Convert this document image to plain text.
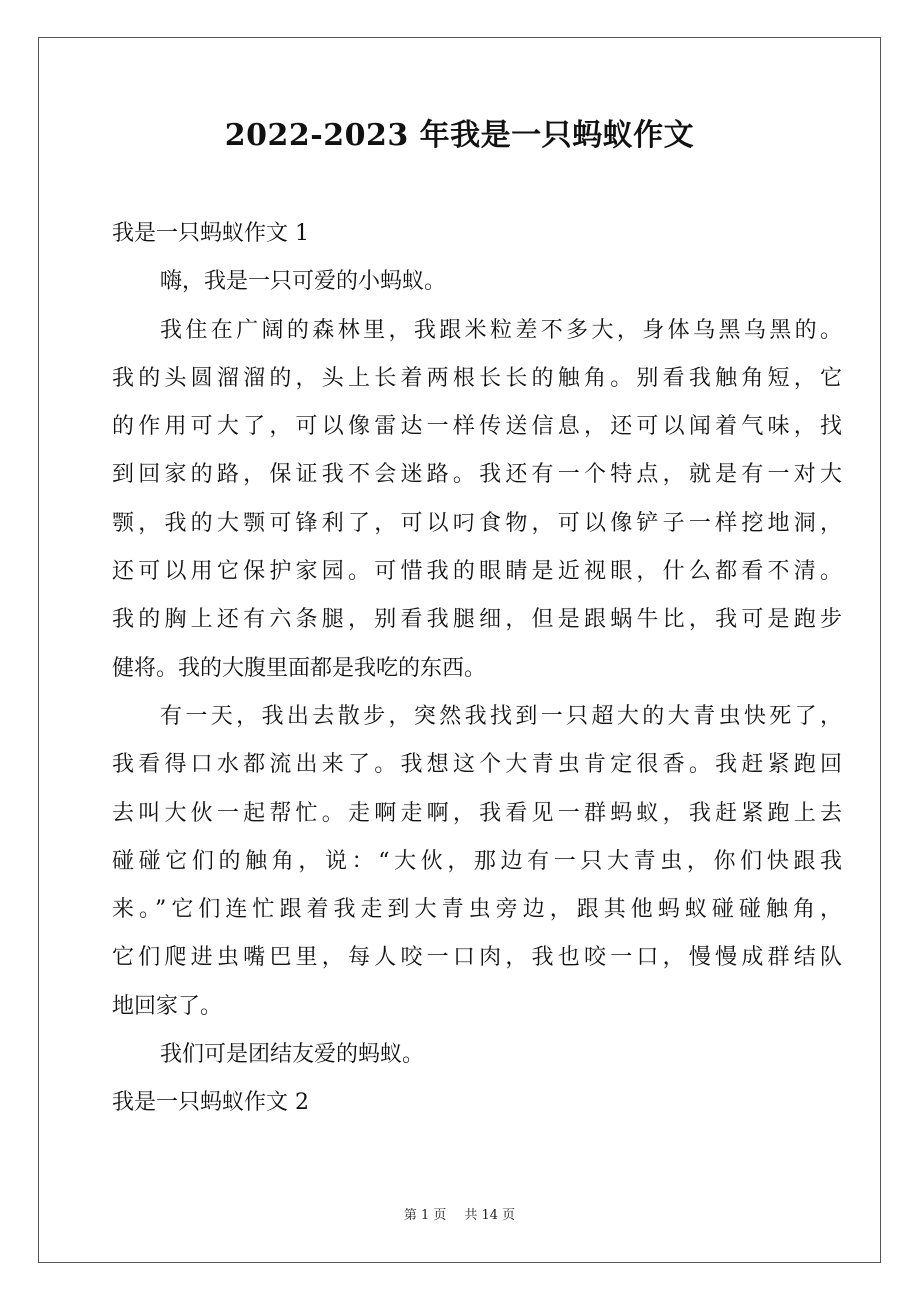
2022-2023 年我是一只蚂蚁作文
我是一只蚂蚁作文 1
嗨，我是一只可爱的小蚂蚁。
我住在广阔的森林里，我跟米粒差不多大，身体乌黑乌黑的。
我的头圆溜溜的，头上长着两根长长的触角。别看我触角短，它
的作用可大了，可以像雷达一样传送信息，还可以闻着气味，找
到回家的路，保证我不会迷路。我还有一个特点，就是有一对大
颚，我的大颚可锋利了，可以叼食物，可以像铲子一样挖地洞，
还可以用它保护家园。可惜我的眼睛是近视眼，什么都看不清。
我的胸上还有六条腿，别看我腿细，但是跟蜗牛比，我可是跑步
健将。我的大腹里面都是我吃的东西。
有一天，我出去散步，突然我找到一只超大的大青虫快死了，
我看得口水都流出来了。我想这个大青虫肯定很香。我赶紧跑回
去叫大伙一起帮忙。走啊走啊，我看见一群蚂蚁，我赶紧跑上去
碰碰它们的触角，说：“大伙，那边有一只大青虫，你们快跟我
来。”它们连忙跟着我走到大青虫旁边，跟其他蚂蚁碰碰触角，
它们爬进虫嘴巴里，每人咬一口肉，我也咬一口，慢慢成群结队
地回家了。
我们可是团结友爱的蚂蚁。
我是一只蚂蚁作文 2
第 1 页 共 14 页
